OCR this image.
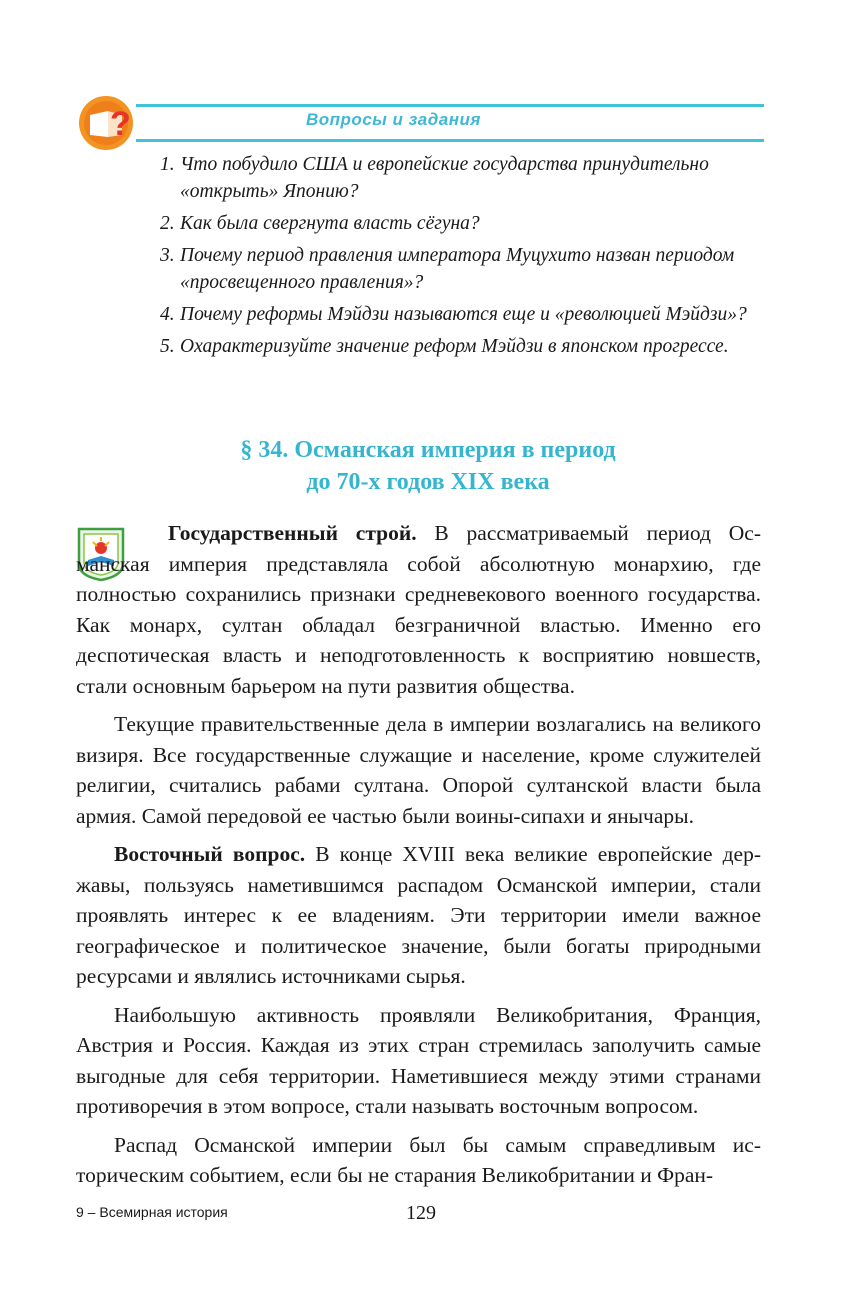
?	Вопросы и задания
1. Что побудило США и европейские государства принудительно «открыть» Японию?
2. Как была свергнута власть сёгуна?
3. Почему период правления императора Муцухито назван периодом «просвещенного правления»?
4. Почему реформы Мэйдзи называются еще и «революцией Мэйдзи»?
5. Охарактеризуйте значение реформ Мэйдзи в японском прогрессе.
§ 34. Османская империя в период
до 70-х годов XIX века

Государственный строй. В рассматриваемый период Османская империя представляла собой абсолютную монархию, где полностью сохранились признаки средневекового военного государства. Как монарх, султан обладал безграничной властью. Именно его деспотическая власть и неподготовленность к восприятию новшеств, стали основным барьером на пути развития общества.

Текущие правительственные дела в империи возлагались на великого визиря. Все государственные служащие и население, кроме служителей религии, считались рабами султана. Опорой султанской власти была армия. Самой передовой ее частью были воины-сипахи и янычары.

Восточный вопрос. В конце XVIII века великие европейские державы, пользуясь наметившимся распадом Османской империи, стали проявлять интерес к ее владениям. Эти территории имели важное географическое и политическое значение, были богаты природными ресурсами и являлись источниками сырья.

Наибольшую активность проявляли Великобритания, Франция, Австрия и Россия. Каждая из этих стран стремилась заполучить самые выгодные для себя территории. Наметившиеся между этими странами противоречия в этом вопросе, стали называть восточным вопросом.

Распад Османской империи был бы самым справедливым историческим событием, если бы не старания Великобритании и Фран-

9 – Всемирная история	129
